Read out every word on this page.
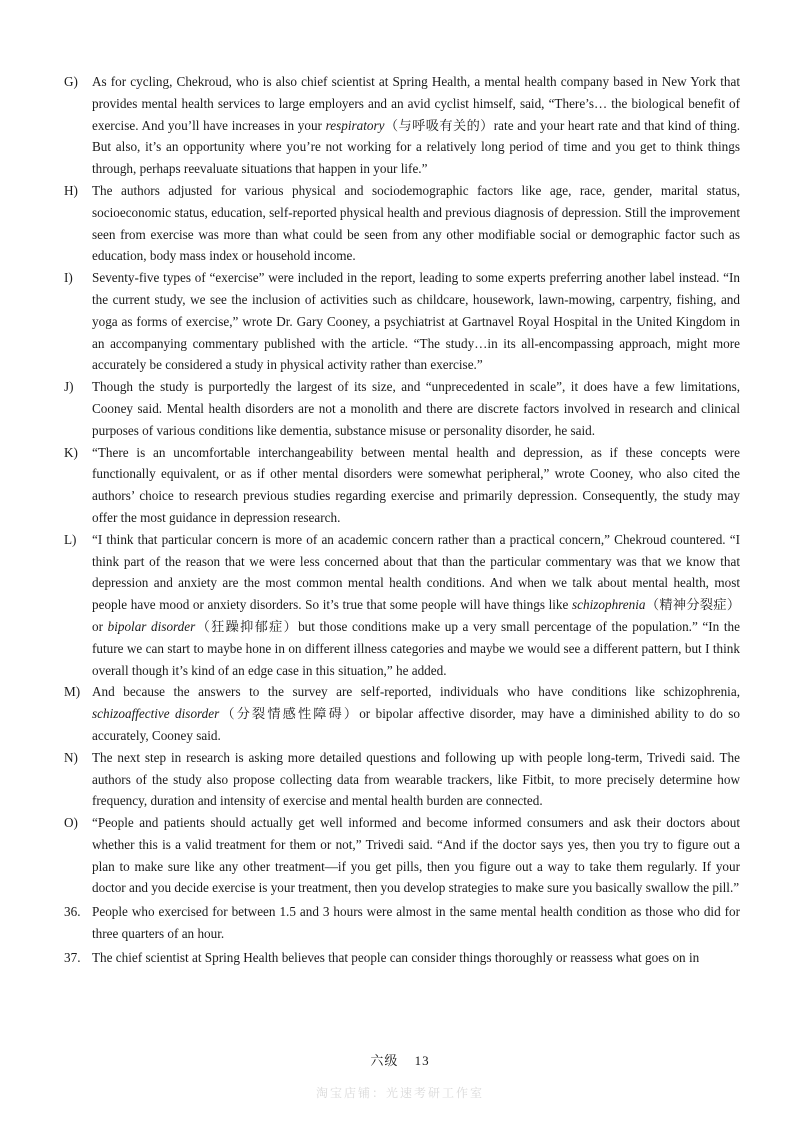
G) As for cycling, Chekroud, who is also chief scientist at Spring Health, a mental health company based in New York that provides mental health services to large employers and an avid cyclist himself, said, “There’s… the biological benefit of exercise. And you’ll have increases in your respiratory（与呼吸有关的）rate and your heart rate and that kind of thing. But also, it’s an opportunity where you’re not working for a relatively long period of time and you get to think things through, perhaps reevaluate situations that happen in your life.”
H) The authors adjusted for various physical and sociodemographic factors like age, race, gender, marital status, socioeconomic status, education, self-reported physical health and previous diagnosis of depression. Still the improvement seen from exercise was more than what could be seen from any other modifiable social or demographic factor such as education, body mass index or household income.
I) Seventy-five types of “exercise” were included in the report, leading to some experts preferring another label instead. “In the current study, we see the inclusion of activities such as childcare, housework, lawn-mowing, carpentry, fishing, and yoga as forms of exercise,” wrote Dr. Gary Cooney, a psychiatrist at Gartnavel Royal Hospital in the United Kingdom in an accompanying commentary published with the article. “The study…in its all-encompassing approach, might more accurately be considered a study in physical activity rather than exercise.”
J) Though the study is purportedly the largest of its size, and “unprecedented in scale”, it does have a few limitations, Cooney said. Mental health disorders are not a monolith and there are discrete factors involved in research and clinical purposes of various conditions like dementia, substance misuse or personality disorder, he said.
K) “There is an uncomfortable interchangeability between mental health and depression, as if these concepts were functionally equivalent, or as if other mental disorders were somewhat peripheral,” wrote Cooney, who also cited the authors’ choice to research previous studies regarding exercise and primarily depression. Consequently, the study may offer the most guidance in depression research.
L) “I think that particular concern is more of an academic concern rather than a practical concern,” Chekroud countered. “I think part of the reason that we were less concerned about that than the particular commentary was that we know that depression and anxiety are the most common mental health conditions. And when we talk about mental health, most people have mood or anxiety disorders. So it’s true that some people will have things like schizophrenia（精神分裂症）or bipolar disorder（狂躁抑郁症）but those conditions make up a very small percentage of the population.” “In the future we can start to maybe hone in on different illness categories and maybe we would see a different pattern, but I think overall though it’s kind of an edge case in this situation,” he added.
M) And because the answers to the survey are self-reported, individuals who have conditions like schizophrenia, schizoaffective disorder（分裂情感性障碍）or bipolar affective disorder, may have a diminished ability to do so accurately, Cooney said.
N) The next step in research is asking more detailed questions and following up with people long-term, Trivedi said. The authors of the study also propose collecting data from wearable trackers, like Fitbit, to more precisely determine how frequency, duration and intensity of exercise and mental health burden are connected.
O) “People and patients should actually get well informed and become informed consumers and ask their doctors about whether this is a valid treatment for them or not,” Trivedi said. “And if the doctor says yes, then you try to figure out a plan to make sure like any other treatment—if you get pills, then you figure out a way to take them regularly. If your doctor and you decide exercise is your treatment, then you develop strategies to make sure you basically swallow the pill.”
36. People who exercised for between 1.5 and 3 hours were almost in the same mental health condition as those who did for three quarters of an hour.
37. The chief scientist at Spring Health believes that people can consider things thoroughly or reassess what goes on in
六级 13
淘宝店铺：光速考研工作室
